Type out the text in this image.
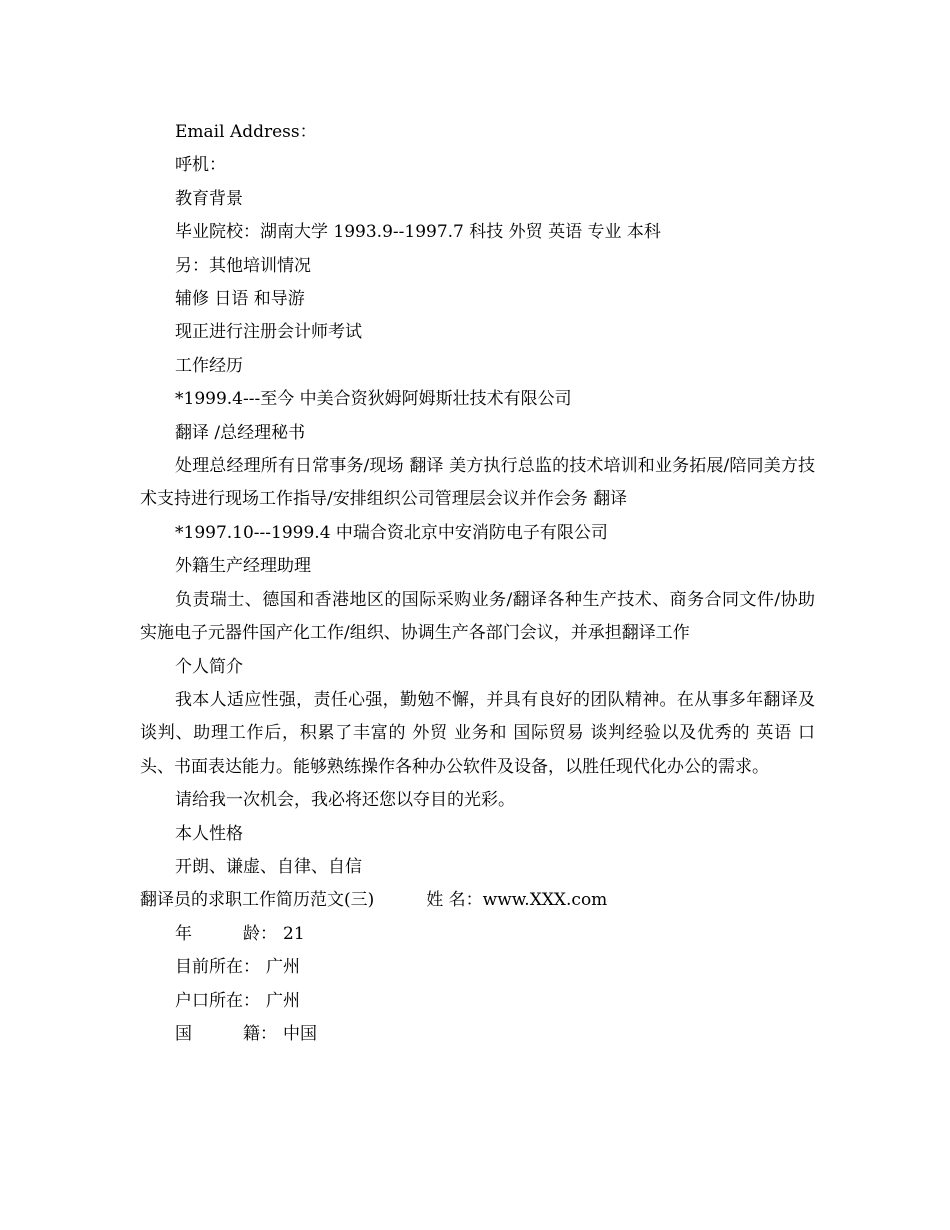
Email Address：
呼机：
教育背景
毕业院校：湖南大学 1993.9--1997.7 科技 外贸 英语 专业 本科
另：其他培训情况
辅修 日语 和导游
现正进行注册会计师考试
工作经历
*1999.4---至今 中美合资狄姆阿姆斯壮技术有限公司
翻译 /总经理秘书
处理总经理所有日常事务/现场 翻译 美方执行总监的技术培训和业务拓展/陪同美方技术支持进行现场工作指导/安排组织公司管理层会议并作会务 翻译
*1997.10---1999.4 中瑞合资北京中安消防电子有限公司
外籍生产经理助理
负责瑞士、德国和香港地区的国际采购业务/翻译各种生产技术、商务合同文件/协助实施电子元器件国产化工作/组织、协调生产各部门会议，并承担翻译工作
个人简介
我本人适应性强，责任心强，勤勉不懈，并具有良好的团队精神。在从事多年翻译及谈判、助理工作后，积累了丰富的 外贸 业务和 国际贸易 谈判经验以及优秀的 英语 口头、书面表达能力。能够熟练操作各种办公软件及设备，以胜任现代化办公的需求。
请给我一次机会，我必将还您以夺目的光彩。
本人性格
开朗、谦虚、自律、自信
翻译员的求职工作简历范文(三)	姓 名：www.XXX.com
年	龄： 21
目前所在： 广州
户口所在： 广州
国	籍： 中国
